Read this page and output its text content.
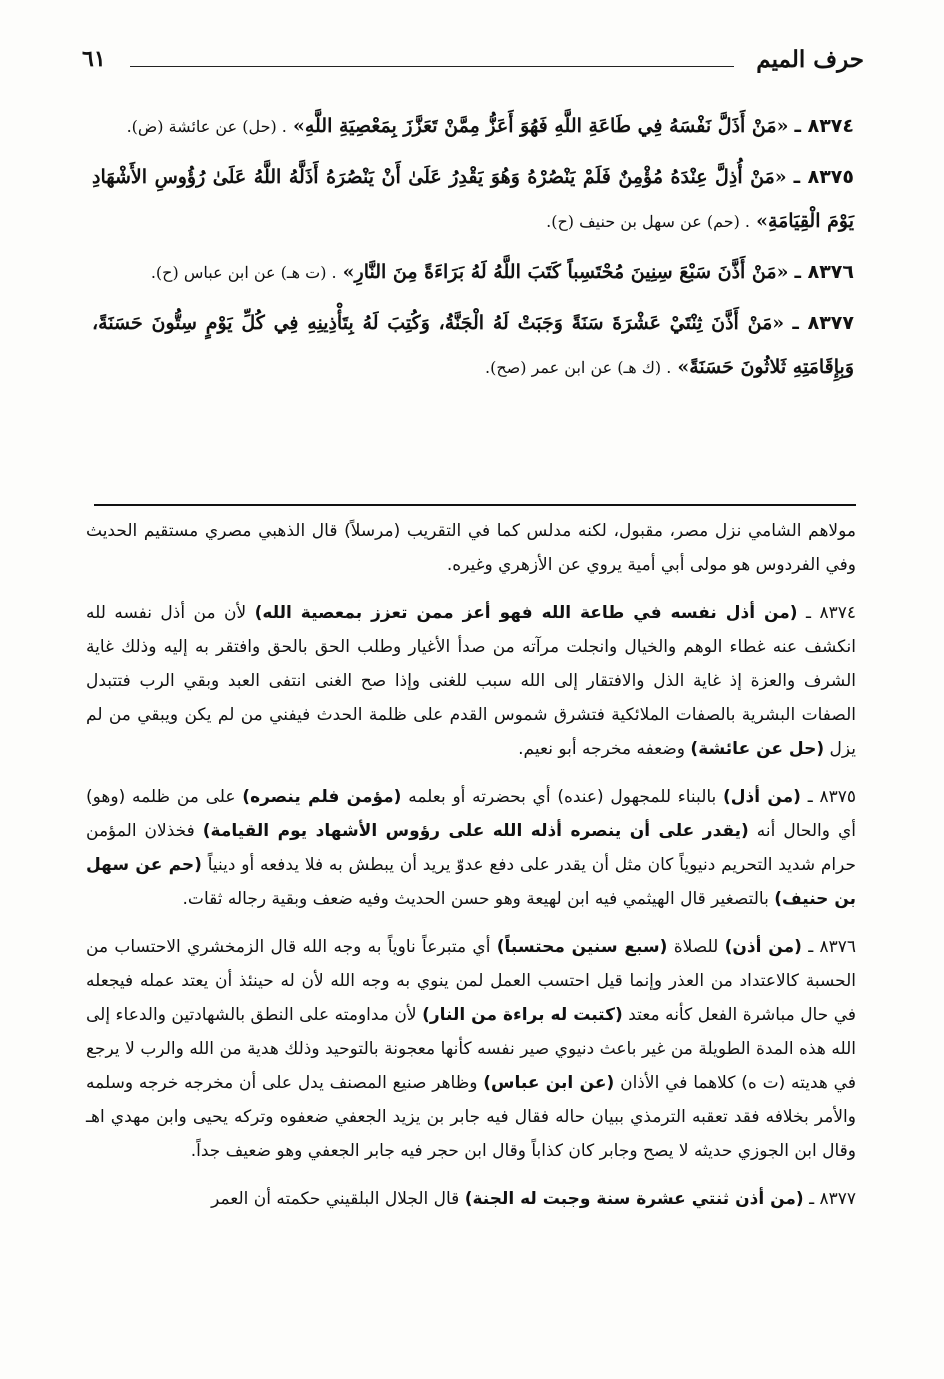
حرف الميم
٦١

٨٣٧٤ ـ «مَنْ أَذَلَّ نَفْسَهُ فِي طَاعَةِ اللَّهِ فَهُوَ أَعَزُّ مِمَّنْ تَعَزَّزَ بِمَعْصِيَةِ اللَّهِ» . (حل) عن عائشة (ض).

٨٣٧٥ ـ «مَنْ أُذِلَّ عِنْدَهُ مُؤْمِنٌ فَلَمْ يَنْصُرْهُ وَهُوَ يَقْدِرُ عَلَىٰ أَنْ يَنْصُرَهُ أَذَلَّهُ اللَّهُ عَلَىٰ رُؤُوسِ الأَشْهَادِ يَوْمَ الْقِيَامَةِ» . (حم) عن سهل بن حنيف (ح).

٨٣٧٦ ـ «مَنْ أَذَّنَ سَبْعَ سِنِينَ مُحْتَسِباً كَتَبَ اللَّهُ لَهُ بَرَاءَةً مِنَ النَّارِ» . (ت هـ) عن ابن عباس (ح).

٨٣٧٧ ـ «مَنْ أَذَّنَ ثِنْتَيْ عَشْرَةَ سَنَةً وَجَبَتْ لَهُ الْجَنَّةُ، وَكُتِبَ لَهُ بِتَأْذِينِهِ فِي كُلِّ يَوْمٍ سِتُّونَ حَسَنَةً، وَبِإِقَامَتِهِ ثَلاثُونَ حَسَنَةً» . (ك هـ) عن ابن عمر (صح).

مولاهم الشامي نزل مصر، مقبول، لكنه مدلس كما في التقريب (مرسلاً) قال الذهبي مصري مستقيم الحديث وفي الفردوس هو مولى أبي أمية يروي عن الأزهري وغيره.

٨٣٧٤ ـ (من أذل نفسه في طاعة الله فهو أعز ممن تعزز بمعصية الله) لأن من أذل نفسه لله انكشف عنه غطاء الوهم والخيال وانجلت مرآته من صدأ الأغيار وطلب الحق بالحق وافتقر به إليه وذلك غاية الشرف والعزة إذ غاية الذل والافتقار إلى الله سبب للغنى وإذا صح الغنى انتفى العبد وبقي الرب فتتبدل الصفات البشرية بالصفات الملائكية فتشرق شموس القدم على ظلمة الحدث فيفني من لم يكن ويبقي من لم يزل (حل عن عائشة) وضعفه مخرجه أبو نعيم.

٨٣٧٥ ـ (من أذل) بالبناء للمجهول (عنده) أي بحضرته أو بعلمه (مؤمن فلم ينصره) على من ظلمه (وهو) أي والحال أنه (يقدر على أن ينصره أذله الله على رؤوس الأشهاد يوم القيامة) فخذلان المؤمن حرام شديد التحريم دنيوياً كان مثل أن يقدر على دفع عدوّ يريد أن يبطش به فلا يدفعه أو دينياً (حم عن سهل بن حنيف) بالتصغير قال الهيثمي فيه ابن لهيعة وهو حسن الحديث وفيه ضعف وبقية رجاله ثقات.

٨٣٧٦ ـ (من أذن) للصلاة (سبع سنين محتسباً) أي متبرعاً ناوياً به وجه الله قال الزمخشري الاحتساب من الحسبة كالاعتداد من العذر وإنما قيل احتسب العمل لمن ينوي به وجه الله لأن له حينئذ أن يعتد عمله فيجعله في حال مباشرة الفعل كأنه معتد (كتبت له براءة من النار) لأن مداومته على النطق بالشهادتين والدعاء إلى الله هذه المدة الطويلة من غير باعث دنيوي صير نفسه كأنها معجونة بالتوحيد وذلك هدية من الله والرب لا يرجع في هديته (ت ه) كلاهما في الأذان (عن ابن عباس) وظاهر صنيع المصنف يدل على أن مخرجه خرجه وسلمه والأمر بخلافه فقد تعقبه الترمذي ببيان حاله فقال فيه جابر بن يزيد الجعفي ضعفوه وتركه يحيى وابن مهدي اهـ وقال ابن الجوزي حديثه لا يصح وجابر كان كذاباً وقال ابن حجر فيه جابر الجعفي وهو ضعيف جداً.

٨٣٧٧ ـ (من أذن ثنتي عشرة سنة وجبت له الجنة) قال الجلال البلقيني حكمته أن العمر
